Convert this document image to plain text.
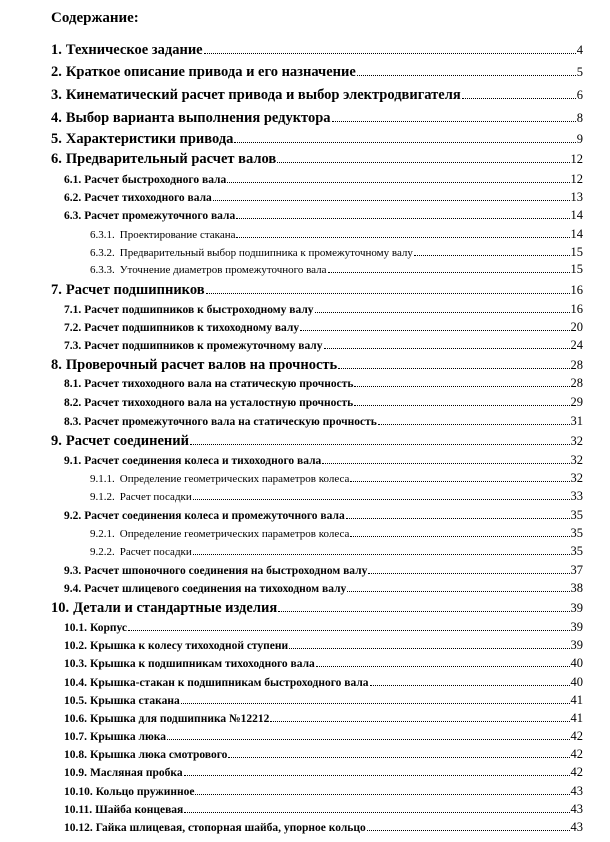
Содержание:
1. Техническое задание	4
2. Краткое описание привода и его назначение	5
3. Кинематический расчет привода и выбор электродвигателя	6
4. Выбор варианта выполнения редуктора	8
5. Характеристики привода	9
6. Предварительный расчет валов	12
6.1. Расчет быстроходного вала	12
6.2. Расчет тихоходного вала	13
6.3. Расчет промежуточного вала	14
6.3.1. Проектирование стакана	14
6.3.2. Предварительный выбор подшипника к промежуточному валу	15
6.3.3. Уточнение диаметров промежуточного вала	15
7. Расчет подшипников	16
7.1. Расчет подшипников к быстроходному валу	16
7.2. Расчет подшипников к тихоходному валу	20
7.3. Расчет подшипников к промежуточному валу	24
8. Проверочный расчет валов на прочность	28
8.1. Расчет тихоходного вала на статическую прочность	28
8.2. Расчет тихоходного вала на усталостную прочность	29
8.3. Расчет промежуточного вала на статическую прочность	31
9. Расчет соединений	32
9.1. Расчет соединения колеса и тихоходного вала	32
9.1.1. Определение геометрических параметров колеса	32
9.1.2. Расчет посадки	33
9.2. Расчет соединения колеса и промежуточного вала	35
9.2.1. Определение геометрических параметров колеса	35
9.2.2. Расчет посадки	35
9.3. Расчет шпоночного соединения на быстроходном валу	37
9.4. Расчет шлицевого соединения на тихоходном валу	38
10. Детали и стандартные изделия	39
10.1. Корпус	39
10.2. Крышка к колесу тихоходной ступени	39
10.3. Крышка к подшипникам тихоходного вала	40
10.4. Крышка-стакан к подшипникам быстроходного вала	40
10.5. Крышка стакана	41
10.6. Крышка для подшипника №12212	41
10.7. Крышка люка	42
10.8. Крышка люка смотрового	42
10.9. Масляная пробка	42
10.10. Кольцо пружинное	43
10.11. Шайба концевая	43
10.12. Гайка шлицевая, стопорная шайба, упорное кольцо	43
